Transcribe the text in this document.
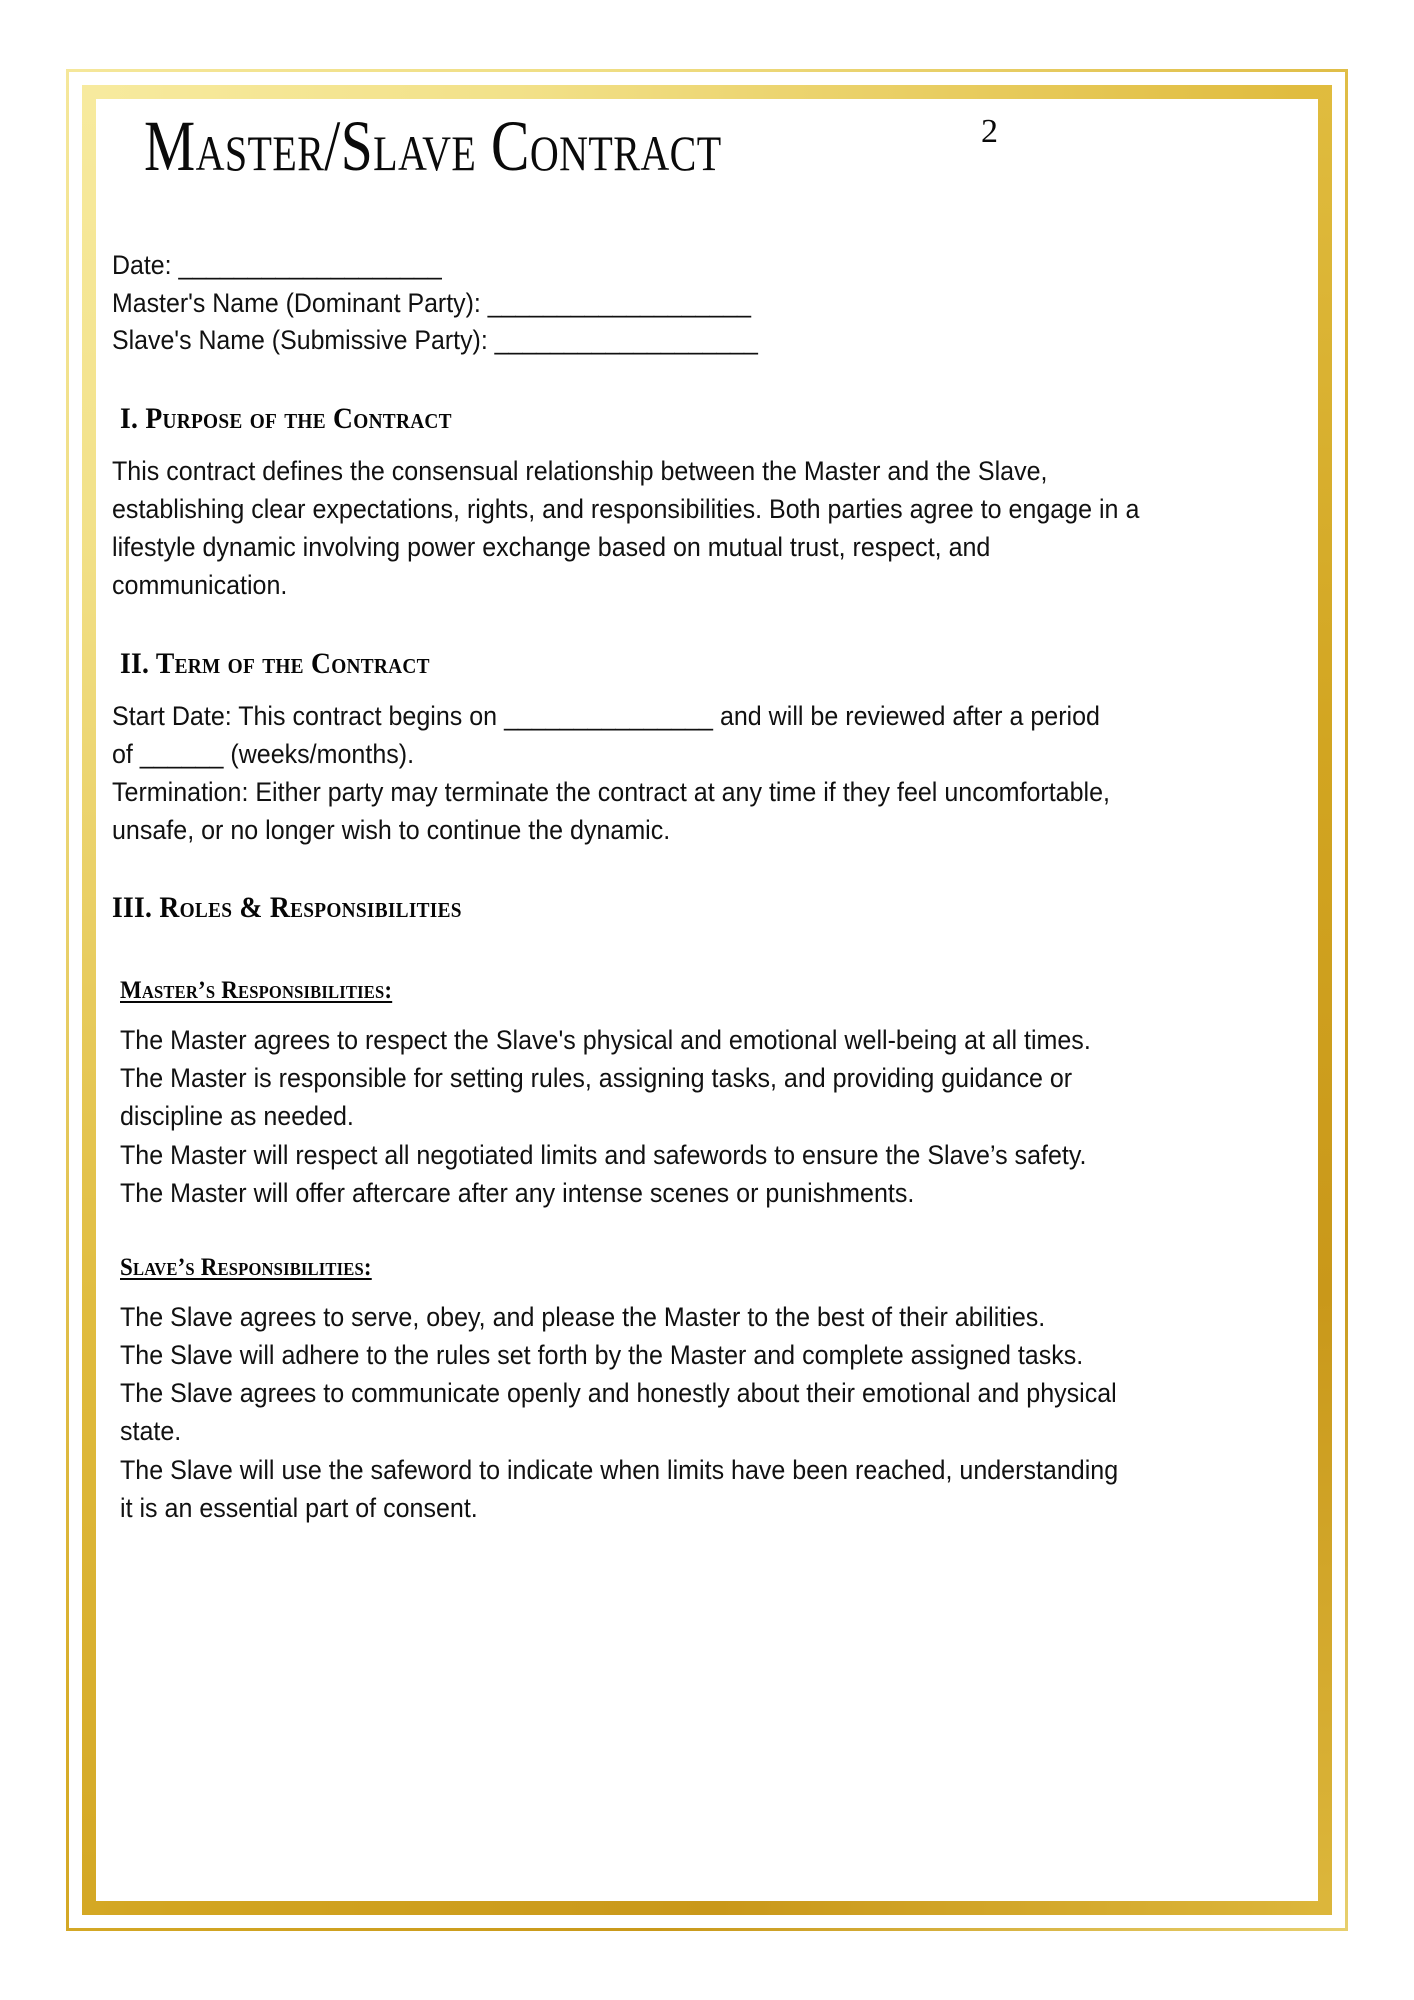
Master/Slave Contract	2
Date: ___________________
Master's Name (Dominant Party): ___________________
Slave's Name (Submissive Party): ___________________
I. Purpose of the Contract
This contract defines the consensual relationship between the Master and the Slave, establishing clear expectations, rights, and responsibilities. Both parties agree to engage in a lifestyle dynamic involving power exchange based on mutual trust, respect, and communication.
II. Term of the Contract
Start Date: This contract begins on _______________ and will be reviewed after a period of ______ (weeks/months).
Termination: Either party may terminate the contract at any time if they feel uncomfortable, unsafe, or no longer wish to continue the dynamic.
III. Roles & Responsibilities
Master’s Responsibilities:
The Master agrees to respect the Slave's physical and emotional well-being at all times.
The Master is responsible for setting rules, assigning tasks, and providing guidance or discipline as needed.
The Master will respect all negotiated limits and safewords to ensure the Slave’s safety.
The Master will offer aftercare after any intense scenes or punishments.
Slave’s Responsibilities:
The Slave agrees to serve, obey, and please the Master to the best of their abilities.
The Slave will adhere to the rules set forth by the Master and complete assigned tasks.
The Slave agrees to communicate openly and honestly about their emotional and physical state.
The Slave will use the safeword to indicate when limits have been reached, understanding it is an essential part of consent.
